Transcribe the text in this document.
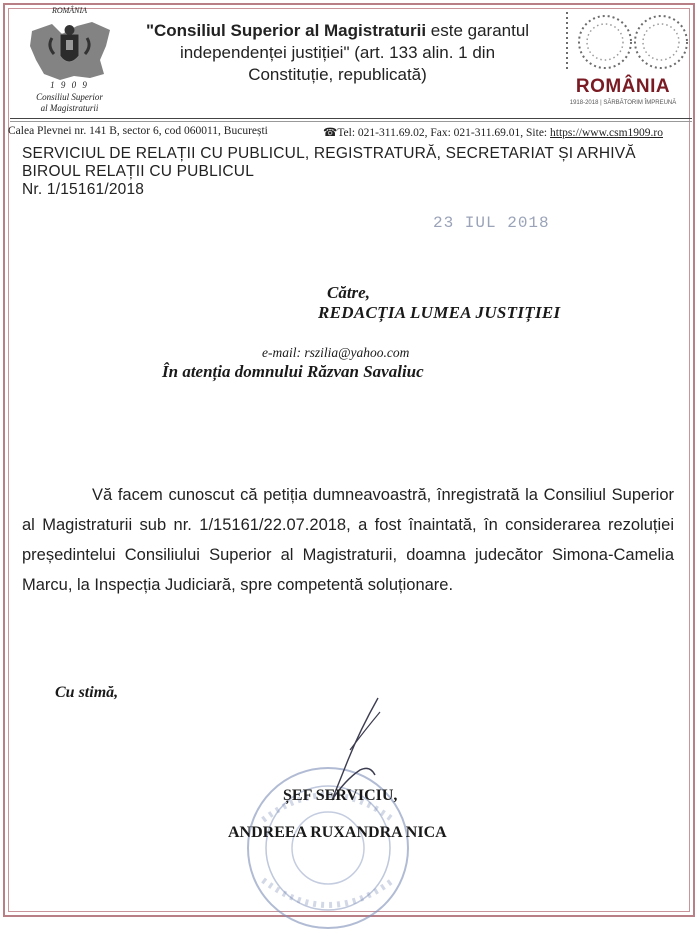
ROMÂNIA
1 9 0 9
Consiliul Superior
al Magistraturii
"Consiliul Superior al Magistraturii este garantul
independenței justiției" (art. 133 alin. 1 din
Constituție, republicată)
ROMÂNIA
1918-2018 | SĂRBĂTORIM ÎMPREUNĂ
Calea Plevnei nr. 141 B, sector 6, cod 060011, București	☎Tel: 021-311.69.02, Fax: 021-311.69.01, Site: https://www.csm1909.ro
SERVICIUL DE RELAȚII CU PUBLICUL, REGISTRATURĂ, SECRETARIAT ȘI ARHIVĂ
BIROUL RELAȚII CU PUBLICUL
Nr. 1/15161/2018
23 IUL 2018
Către,
REDACȚIA LUMEA JUSTIȚIEI
e-mail: rszilia@yahoo.com
În atenția domnului Răzvan Savaliuc

Vă facem cunoscut că petiția dumneavoastră, înregistrată la Consiliul Superior al Magistraturii sub nr. 1/15161/22.07.2018, a fost înaintată, în considerarea rezoluției președintelui Consiliului Superior al Magistraturii, doamna judecător Simona-Camelia Marcu, la Inspecția Judiciară, spre competentă soluționare.

Cu stimă,
ȘEF SERVICIU,
ANDREEA RUXANDRA NICA
